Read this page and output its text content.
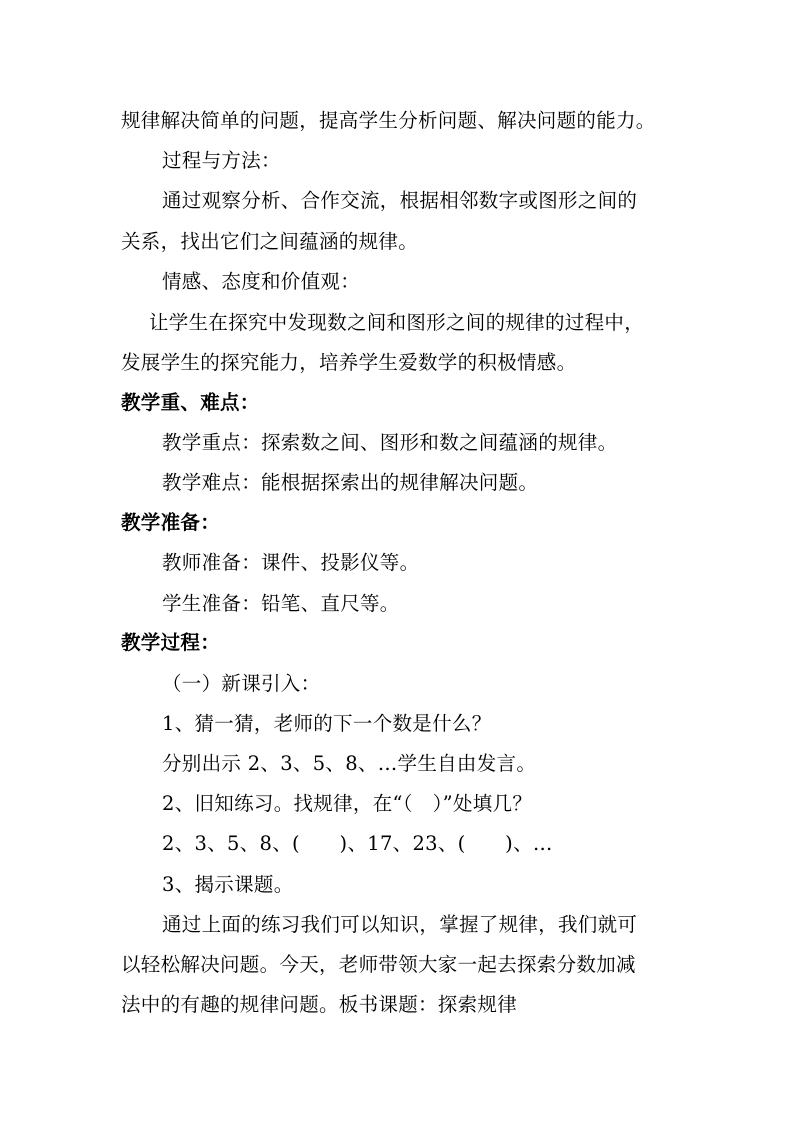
规律解决简单的问题，提高学生分析问题、解决问题的能力。
过程与方法：
通过观察分析、合作交流，根据相邻数字或图形之间的
关系，找出它们之间蕴涵的规律。
情感、态度和价值观：
让学生在探究中发现数之间和图形之间的规律的过程中，
发展学生的探究能力，培养学生爱数学的积极情感。
教学重、难点：
教学重点：探索数之间、图形和数之间蕴涵的规律。
教学难点：能根据探索出的规律解决问题。
教学准备：
教师准备：课件、投影仪等。
学生准备：铅笔、直尺等。
教学过程：
（一）新课引入：
1、猜一猜，老师的下一个数是什么？
分别出示 2、3、5、8、…学生自由发言。
2、旧知练习。找规律，在“（　）”处填几？
2、3、5、8、(　　)、17、23、(　　)、…
3、揭示课题。
通过上面的练习我们可以知识，掌握了规律，我们就可
以轻松解决问题。今天，老师带领大家一起去探索分数加减
法中的有趣的规律问题。板书课题：探索规律
